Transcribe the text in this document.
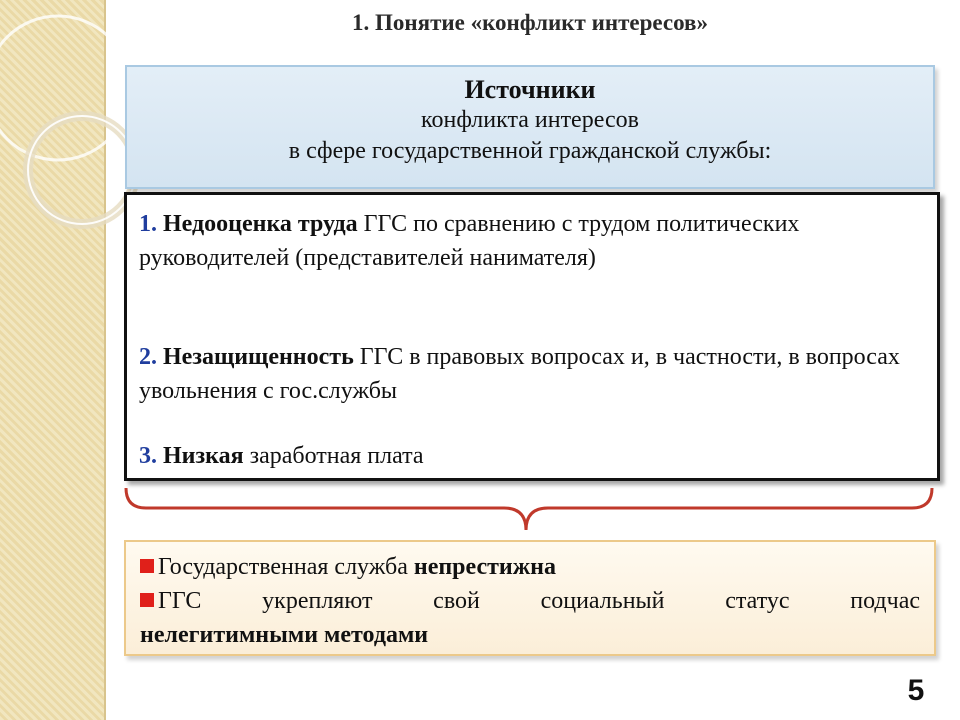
1. Понятие «конфликт интересов»
Источники
конфликта интересов
в сфере государственной гражданской службы:
1. Недооценка труда ГГС по сравнению с трудом политических руководителей (представителей нанимателя)
2. Незащищенность ГГС в правовых вопросах и, в частности, в вопросах увольнения с гос.службы
3. Низкая заработная плата
Государственная служба непрестижна
ГГС укрепляют свой социальный статус подчас
нелегитимными методами
5
